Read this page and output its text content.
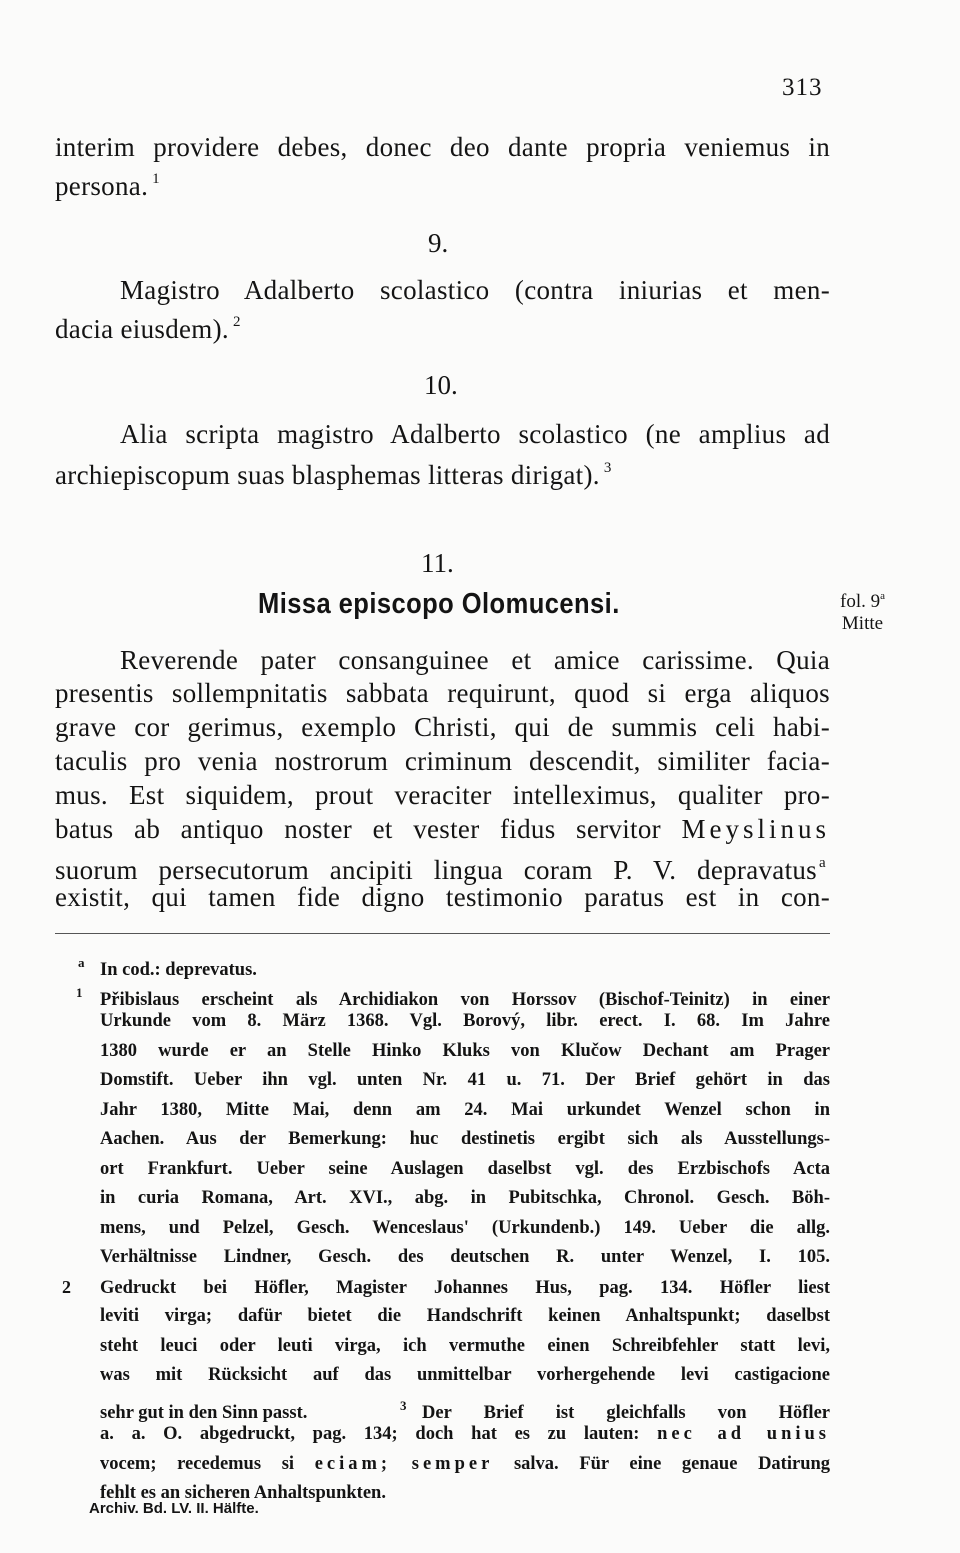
313
interim providere debes, donec deo dante propria veniemus in
persona. $^1$
9.
Magistro Adalberto scolastico (contra iniurias et men-
dacia eiusdem). $^2$
10.
Alia scripta magistro Adalberto scolastico (ne amplius ad
archiepiscopum suas blasphemas litteras dirigat). $^3$
11.
Missa episcopo Olomucensi.	fol. 9$^a$
Mitte
Reverende pater consanguinee et amice carissime. Quia
presentis sollempnitatis sabbata requirunt, quod si erga aliquos
grave cor gerimus, exemplo Christi, qui de summis celi habi-
taculis pro venia nostrorum criminum descendit, similiter facia-
mus. Est siquidem, prout veraciter intelleximus, qualiter pro-
batus ab antiquo noster et vester fidus servitor Meyslinus
suorum persecutorum ancipiti lingua coram P. V. depravatus $^a$
existit, qui tamen fide digno testimonio paratus est in con-
a In cod.: deprevatus.
1 Přibislaus erscheint als Archidiakon von Horssov (Bischof-Teinitz) in einer
Urkunde vom 8. März 1368. Vgl. Borový, libr. erect. I. 68. Im Jahre
1380 wurde er an Stelle Hinko Kluks von Klučow Dechant am Prager
Domstift. Ueber ihn vgl. unten Nr. 41 u. 71. Der Brief gehört in das
Jahr 1380, Mitte Mai, denn am 24. Mai urkundet Wenzel schon in
Aachen. Aus der Bemerkung: huc destinetis ergibt sich als Ausstellungs-
ort Frankfurt. Ueber seine Auslagen daselbst vgl. des Erzbischofs Acta
in curia Romana, Art. XVI., abg. in Pubitschka, Chronol. Gesch. Böh-
mens, und Pelzel, Gesch. Wenceslaus' (Urkundenb.) 149. Ueber die allg.
Verhältnisse Lindner, Gesch. des deutschen R. unter Wenzel, I. 105.
2 Gedruckt bei Höfler, Magister Johannes Hus, pag. 134. Höfler liest
leviti virga; dafür bietet die Handschrift keinen Anhaltspunkt; daselbst
steht leuci oder leuti virga, ich vermuthe einen Schreibfehler statt levi,
was mit Rücksicht auf das unmittelbar vorhergehende levi castigacione
sehr gut in den Sinn passt.	3 Der Brief ist gleichfalls von Höfler
a. a. O. abgedruckt, pag. 134; doch hat es zu lauten: nec ad unius
vocem; recedemus si eciam; semper salva. Für eine genaue Datirung
fehlt es an sicheren Anhaltspunkten.
Archiv. Bd. LV. II. Hälfte.
